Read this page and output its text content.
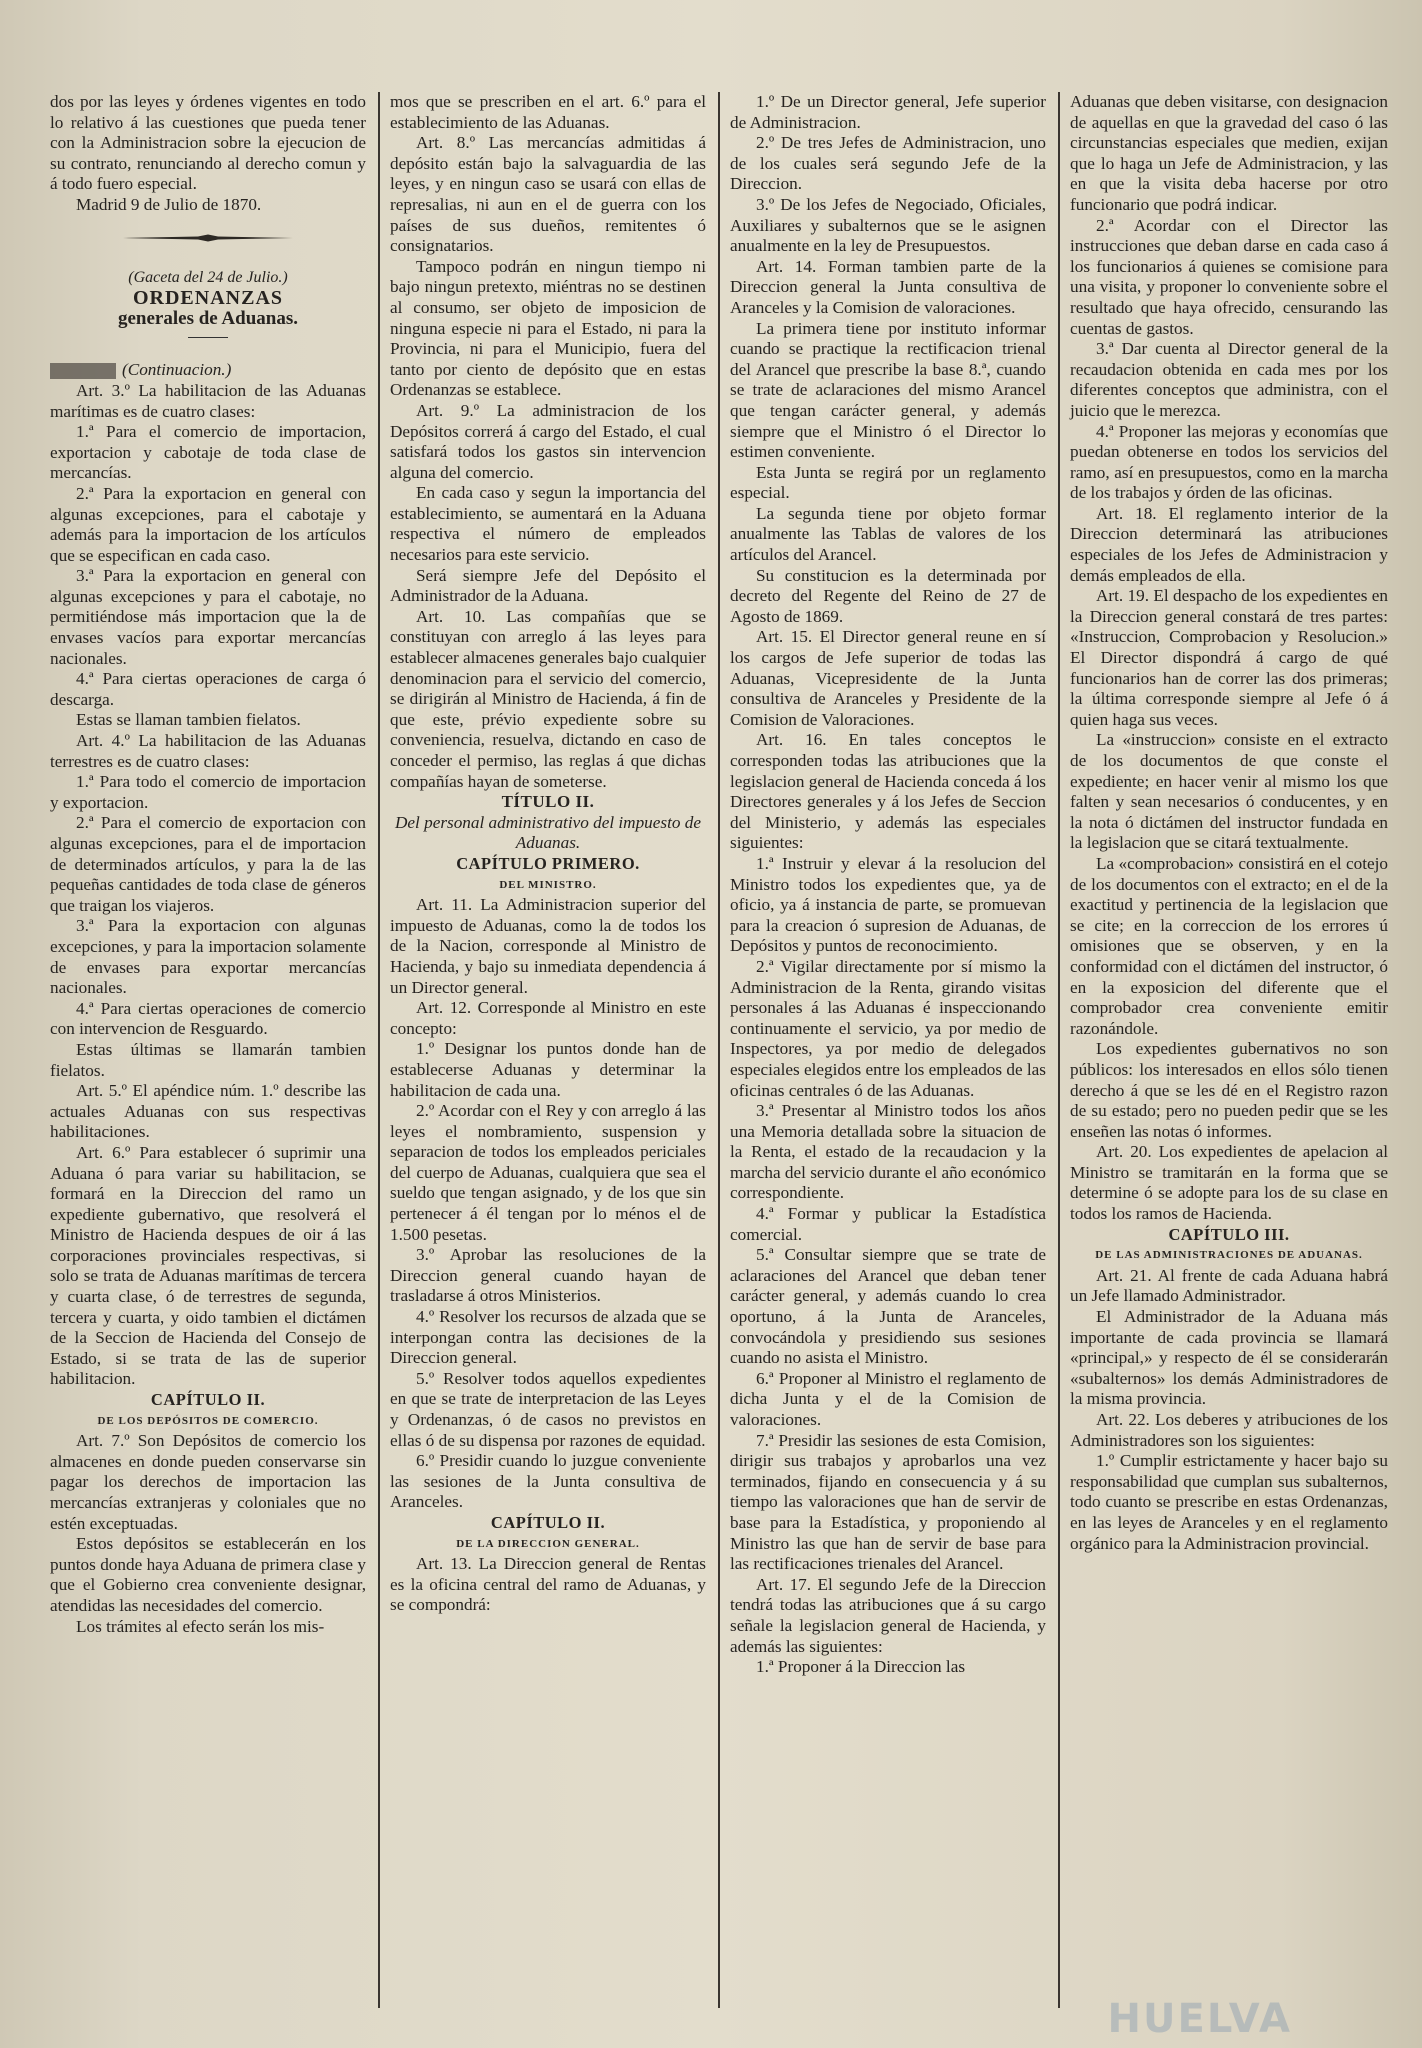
dos por las leyes y órdenes vigentes en todo lo relativo á las cuestiones que pueda tener con la Administracion sobre la ejecucion de su contrato, renunciando al derecho comun y á todo fuero especial.

Madrid 9 de Julio de 1870.

(Gaceta del 24 de Julio.)

ORDENANZAS

generales de Aduanas.

(Continuacion.)

Art. 3.º La habilitacion de las Aduanas marítimas es de cuatro clases:

1.ª Para el comercio de importacion, exportacion y cabotaje de toda clase de mercancías.

2.ª Para la exportacion en general con algunas excepciones, para el cabotaje y además para la importacion de los artículos que se especifican en cada caso.

3.ª Para la exportacion en general con algunas excepciones y para el cabotaje, no permitiéndose más importacion que la de envases vacíos para exportar mercancías nacionales.

4.ª Para ciertas operaciones de carga ó descarga.

Estas se llaman tambien fielatos.

Art. 4.º La habilitacion de las Aduanas terrestres es de cuatro clases:

1.ª Para todo el comercio de importacion y exportacion.

2.ª Para el comercio de exportacion con algunas excepciones, para el de importacion de determinados artículos, y para la de las pequeñas cantidades de toda clase de géneros que traigan los viajeros.

3.ª Para la exportacion con algunas excepciones, y para la importacion solamente de envases para exportar mercancías nacionales.

4.ª Para ciertas operaciones de comercio con intervencion de Resguardo.

Estas últimas se llamarán tambien fielatos.

Art. 5.º El apéndice núm. 1.º describe las actuales Aduanas con sus respectivas habilitaciones.

Art. 6.º Para establecer ó suprimir una Aduana ó para variar su habilitacion, se formará en la Direccion del ramo un expediente gubernativo, que resolverá el Ministro de Hacienda despues de oir á las corporaciones provinciales respectivas, si solo se trata de Aduanas marítimas de tercera y cuarta clase, ó de terrestres de segunda, tercera y cuarta, y oido tambien el dictámen de la Seccion de Hacienda del Consejo de Estado, si se trata de las de superior habilitacion.

CAPÍTULO II.

DE LOS DEPÓSITOS DE COMERCIO.

Art. 7.º Son Depósitos de comercio los almacenes en donde pueden conservarse sin pagar los derechos de importacion las mercancías extranjeras y coloniales que no estén exceptuadas.

Estos depósitos se establecerán en los puntos donde haya Aduana de primera clase y que el Gobierno crea conveniente designar, atendidas las necesidades del comercio.

Los trámites al efecto serán los mis-

mos que se prescriben en el art. 6.º para el establecimiento de las Aduanas.

Art. 8.º Las mercancías admitidas á depósito están bajo la salvaguardia de las leyes, y en ningun caso se usará con ellas de represalias, ni aun en el de guerra con los países de sus dueños, remitentes ó consignatarios.

Tampoco podrán en ningun tiempo ni bajo ningun pretexto, miéntras no se destinen al consumo, ser objeto de imposicion de ninguna especie ni para el Estado, ni para la Provincia, ni para el Municipio, fuera del tanto por ciento de depósito que en estas Ordenanzas se establece.

Art. 9.º La administracion de los Depósitos correrá á cargo del Estado, el cual satisfará todos los gastos sin intervencion alguna del comercio.

En cada caso y segun la importancia del establecimiento, se aumentará en la Aduana respectiva el número de empleados necesarios para este servicio.

Será siempre Jefe del Depósito el Administrador de la Aduana.

Art. 10. Las compañías que se constituyan con arreglo á las leyes para establecer almacenes generales bajo cualquier denominacion para el servicio del comercio, se dirigirán al Ministro de Hacienda, á fin de que este, prévio expediente sobre su conveniencia, resuelva, dictando en caso de conceder el permiso, las reglas á que dichas compañías hayan de someterse.

TÍTULO II.

Del personal administrativo del impuesto de Aduanas.

CAPÍTULO PRIMERO.

DEL MINISTRO.

Art. 11. La Administracion superior del impuesto de Aduanas, como la de todos los de la Nacion, corresponde al Ministro de Hacienda, y bajo su inmediata dependencia á un Director general.

Art. 12. Corresponde al Ministro en este concepto:

1.º Designar los puntos donde han de establecerse Aduanas y determinar la habilitacion de cada una.

2.º Acordar con el Rey y con arreglo á las leyes el nombramiento, suspension y separacion de todos los empleados periciales del cuerpo de Aduanas, cualquiera que sea el sueldo que tengan asignado, y de los que sin pertenecer á él tengan por lo ménos el de 1.500 pesetas.

3.º Aprobar las resoluciones de la Direccion general cuando hayan de trasladarse á otros Ministerios.

4.º Resolver los recursos de alzada que se interpongan contra las decisiones de la Direccion general.

5.º Resolver todos aquellos expedientes en que se trate de interpretacion de las Leyes y Ordenanzas, ó de casos no previstos en ellas ó de su dispensa por razones de equidad.

6.º Presidir cuando lo juzgue conveniente las sesiones de la Junta consultiva de Aranceles.

CAPÍTULO II.

DE LA DIRECCION GENERAL.

Art. 13. La Direccion general de Rentas es la oficina central del ramo de Aduanas, y se compondrá:

1.º De un Director general, Jefe superior de Administracion.

2.º De tres Jefes de Administracion, uno de los cuales será segundo Jefe de la Direccion.

3.º De los Jefes de Negociado, Oficiales, Auxiliares y subalternos que se le asignen anualmente en la ley de Presupuestos.

Art. 14. Forman tambien parte de la Direccion general la Junta consultiva de Aranceles y la Comision de valoraciones.

La primera tiene por instituto informar cuando se practique la rectificacion trienal del Arancel que prescribe la base 8.ª, cuando se trate de aclaraciones del mismo Arancel que tengan carácter general, y además siempre que el Ministro ó el Director lo estimen conveniente.

Esta Junta se regirá por un reglamento especial.

La segunda tiene por objeto formar anualmente las Tablas de valores de los artículos del Arancel.

Su constitucion es la determinada por decreto del Regente del Reino de 27 de Agosto de 1869.

Art. 15. El Director general reune en sí los cargos de Jefe superior de todas las Aduanas, Vicepresidente de la Junta consultiva de Aranceles y Presidente de la Comision de Valoraciones.

Art. 16. En tales conceptos le corresponden todas las atribuciones que la legislacion general de Hacienda conceda á los Directores generales y á los Jefes de Seccion del Ministerio, y además las especiales siguientes:

1.ª Instruir y elevar á la resolucion del Ministro todos los expedientes que, ya de oficio, ya á instancia de parte, se promuevan para la creacion ó supresion de Aduanas, de Depósitos y puntos de reconocimiento.

2.ª Vigilar directamente por sí mismo la Administracion de la Renta, girando visitas personales á las Aduanas é inspeccionando continuamente el servicio, ya por medio de Inspectores, ya por medio de delegados especiales elegidos entre los empleados de las oficinas centrales ó de las Aduanas.

3.ª Presentar al Ministro todos los años una Memoria detallada sobre la situacion de la Renta, el estado de la recaudacion y la marcha del servicio durante el año económico correspondiente.

4.ª Formar y publicar la Estadística comercial.

5.ª Consultar siempre que se trate de aclaraciones del Arancel que deban tener carácter general, y además cuando lo crea oportuno, á la Junta de Aranceles, convocándola y presidiendo sus sesiones cuando no asista el Ministro.

6.ª Proponer al Ministro el reglamento de dicha Junta y el de la Comision de valoraciones.

7.ª Presidir las sesiones de esta Comision, dirigir sus trabajos y aprobarlos una vez terminados, fijando en consecuencia y á su tiempo las valoraciones que han de servir de base para la Estadística, y proponiendo al Ministro las que han de servir de base para las rectificaciones trienales del Arancel.

Art. 17. El segundo Jefe de la Direccion tendrá todas las atribuciones que á su cargo señale la legislacion general de Hacienda, y además las siguientes:

1.ª Proponer á la Direccion las

Aduanas que deben visitarse, con designacion de aquellas en que la gravedad del caso ó las circunstancias especiales que medien, exijan que lo haga un Jefe de Administracion, y las en que la visita deba hacerse por otro funcionario que podrá indicar.

2.ª Acordar con el Director las instrucciones que deban darse en cada caso á los funcionarios á quienes se comisione para una visita, y proponer lo conveniente sobre el resultado que haya ofrecido, censurando las cuentas de gastos.

3.ª Dar cuenta al Director general de la recaudacion obtenida en cada mes por los diferentes conceptos que administra, con el juicio que le merezca.

4.ª Proponer las mejoras y economías que puedan obtenerse en todos los servicios del ramo, así en presupuestos, como en la marcha de los trabajos y órden de las oficinas.

Art. 18. El reglamento interior de la Direccion determinará las atribuciones especiales de los Jefes de Administracion y demás empleados de ella.

Art. 19. El despacho de los expedientes en la Direccion general constará de tres partes: «Instruccion, Comprobacion y Resolucion.» El Director dispondrá á cargo de qué funcionarios han de correr las dos primeras; la última corresponde siempre al Jefe ó á quien haga sus veces.

La «instruccion» consiste en el extracto de los documentos de que conste el expediente; en hacer venir al mismo los que falten y sean necesarios ó conducentes, y en la nota ó dictámen del instructor fundada en la legislacion que se citará textualmente.

La «comprobacion» consistirá en el cotejo de los documentos con el extracto; en el de la exactitud y pertinencia de la legislacion que se cite; en la correccion de los errores ú omisiones que se observen, y en la conformidad con el dictámen del instructor, ó en la exposicion del diferente que el comprobador crea conveniente emitir razonándole.

Los expedientes gubernativos no son públicos: los interesados en ellos sólo tienen derecho á que se les dé en el Registro razon de su estado; pero no pueden pedir que se les enseñen las notas ó informes.

Art. 20. Los expedientes de apelacion al Ministro se tramitarán en la forma que se determine ó se adopte para los de su clase en todos los ramos de Hacienda.

CAPÍTULO III.

DE LAS ADMINISTRACIONES DE ADUANAS.

Art. 21. Al frente de cada Aduana habrá un Jefe llamado Administrador.

El Administrador de la Aduana más importante de cada provincia se llamará «principal,» y respecto de él se considerarán «subalternos» los demás Administradores de la misma provincia.

Art. 22. Los deberes y atribuciones de los Administradores son los siguientes:

1.º Cumplir estrictamente y hacer bajo su responsabilidad que cumplan sus subalternos, todo cuanto se prescribe en estas Ordenanzas, en las leyes de Aranceles y en el reglamento orgánico para la Administracion provincial.

HUELVA
